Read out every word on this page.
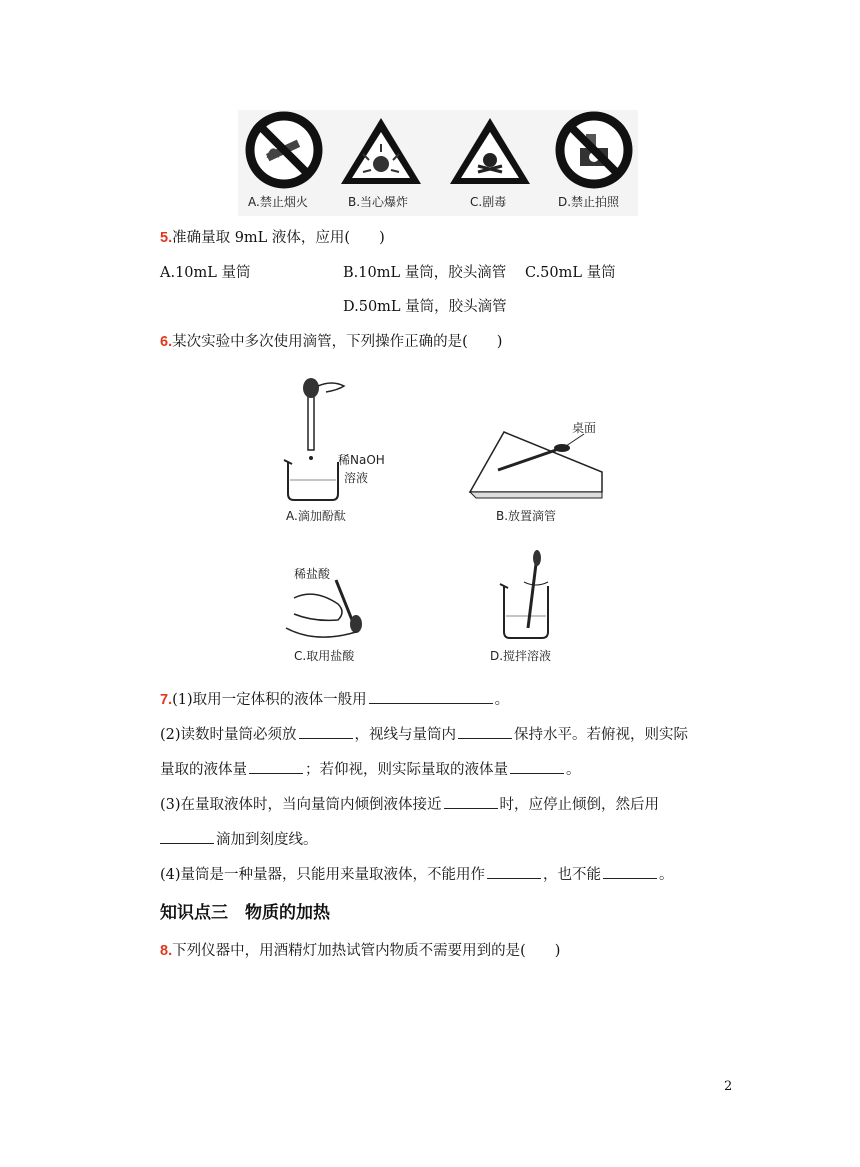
A.禁止烟火	B.当心爆炸	C.剧毒	D.禁止拍照
5.准确量取 9mL 液体，应用(　　)
A.10mL 量筒	B.10mL 量筒，胶头滴管 C.50mL 量筒
D.50mL 量筒，胶头滴管
6.某次实验中多次使用滴管，下列操作正确的是(　　)
稀NaOH
溶液
A.滴加酚酞
桌面
B.放置滴管
稀盐酸
C.取用盐酸	D.搅拌溶液
7.(1)取用一定体积的液体一般用	。
(2)读数时量筒必须放	，视线与量筒内	保持水平。若俯视，则实际
量取的液体量	；若仰视，则实际量取的液体量	。
(3)在量取液体时，当向量筒内倾倒液体接近	时，应停止倾倒，然后用
滴加到刻度线。
(4)量筒是一种量器，只能用来量取液体，不能用作	，也不能	。
知识点三　物质的加热
8.下列仪器中，用酒精灯加热试管内物质不需要用到的是(　　)
2
